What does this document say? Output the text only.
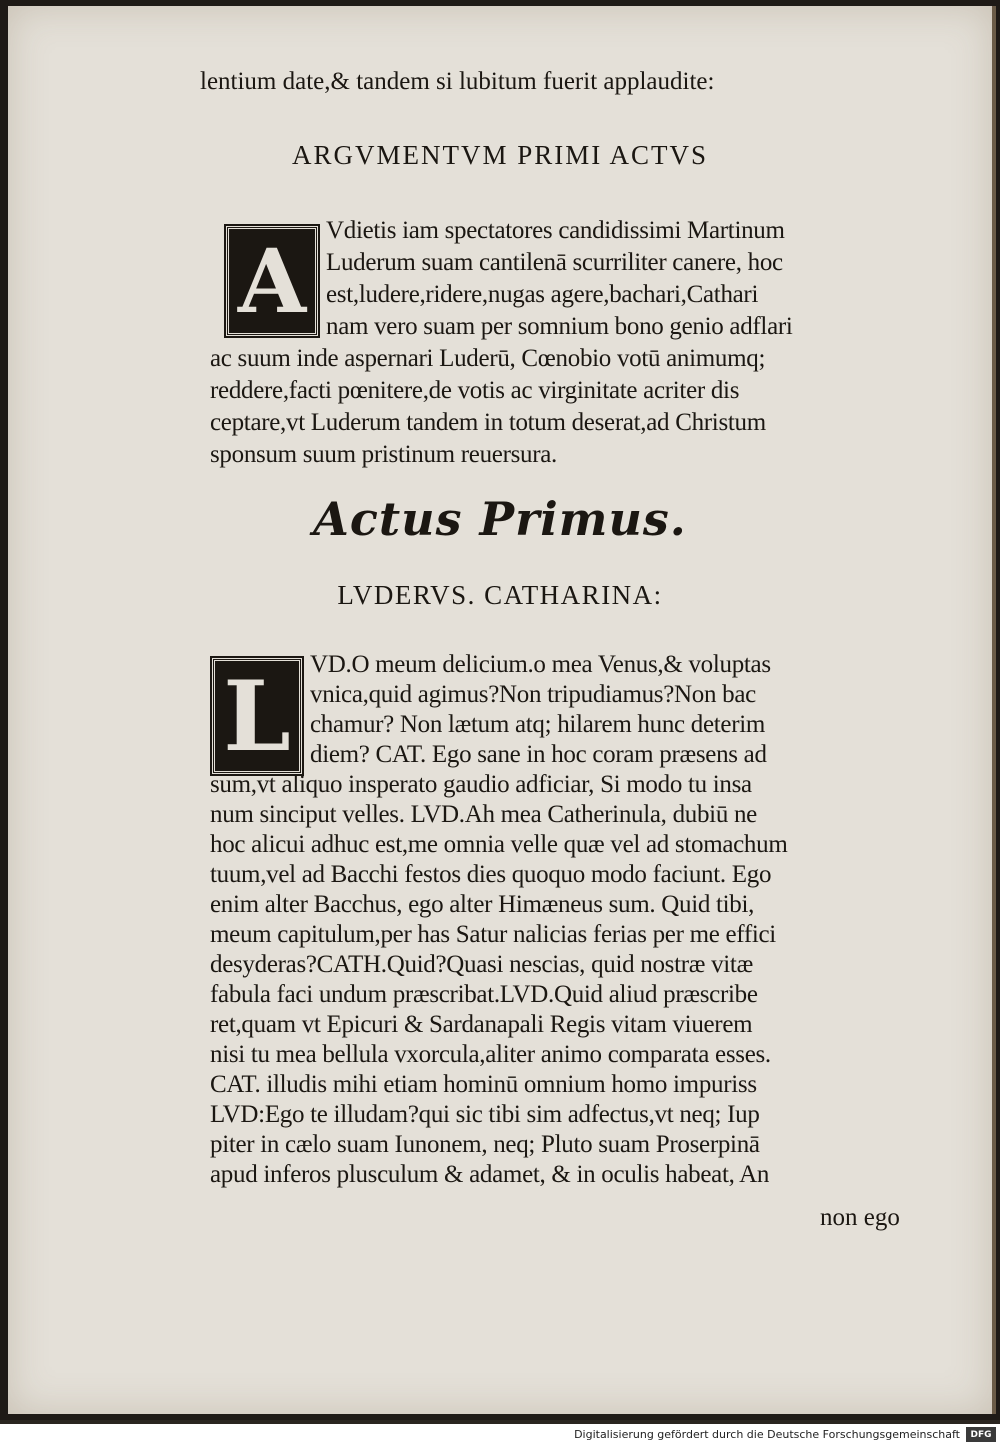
lentium date,& tandem si lubitum fuerit applaudite:
ARGVMENTVM PRIMI ACTVS
A Vdietis iam spectatores candidissimi Martinum
Luderum suam cantilenā scurriliter canere, hoc
est,ludere,ridere,nugas agere,bachari,Cathari
nam vero suam per somnium bono genio adflari
ac suum inde aspernari Luderū, Cœnobio votū animumq;
reddere,facti pœnitere,de votis ac virginitate acriter dis
ceptare,vt Luderum tandem in totum deserat,ad Christum
sponsum suum pristinum reuersura.
Actus Primus.
LVDERVS. CATHARINA:
L VD.O meum delicium.o mea Venus,& voluptas
vnica,quid agimus?Non tripudiamus?Non bac
chamur? Non lætum atq; hilarem hunc deterim
diem? CAT. Ego sane in hoc coram præsens ad
sum,vt aliquo insperato gaudio adficiar, Si modo tu insa
num sinciput velles. LVD.Ah mea Catherinula, dubiū ne
hoc alicui adhuc est,me omnia velle quæ vel ad stomachum
tuum,vel ad Bacchi festos dies quoquo modo faciunt. Ego
enim alter Bacchus, ego alter Himæneus sum. Quid tibi,
meum capitulum,per has Satur nalicias ferias per me effici
desyderas?CATH.Quid?Quasi nescias, quid nostræ vitæ
fabula faci undum præscribat.LVD.Quid aliud præscribe
ret,quam vt Epicuri & Sardanapali Regis vitam viuerem
nisi tu mea bellula vxorcula,aliter animo comparata esses.
CAT. illudis mihi etiam hominū omnium homo impuriss
LVD:Ego te illudam?qui sic tibi sim adfectus,vt neq; Iup
piter in cælo suam Iunonem, neq; Pluto suam Proserpinā
apud inferos plusculum & adamet, & in oculis habeat, An
non ego
Digitalisierung gefördert durch die Deutsche Forschungsgemeinschaft	DFG
